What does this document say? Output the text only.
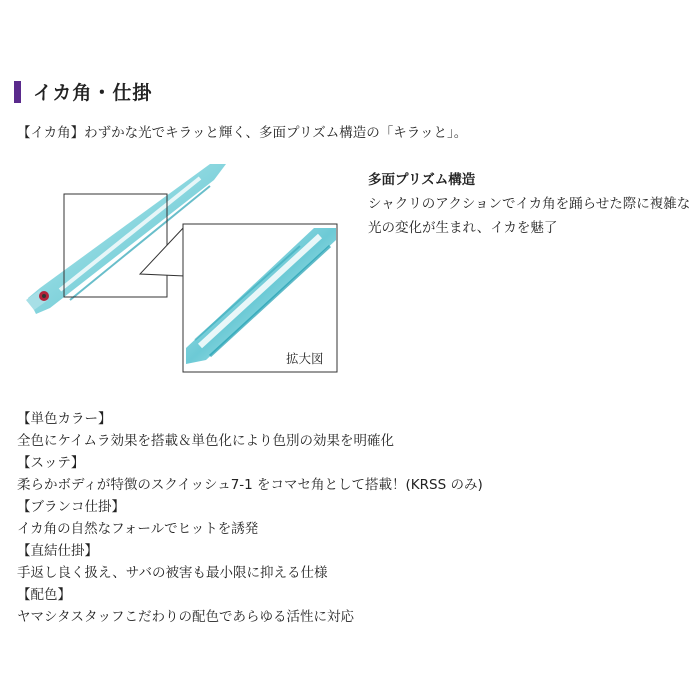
イカ角・仕掛
【イカ角】わずかな光でキラッと輝く、多面プリズム構造の「キラッと」。
拡大図
多面プリズム構造
シャクリのアクションでイカ角を踊らせた際に複雑な
光の変化が生まれ、イカを魅了
【単色カラー】
全色にケイムラ効果を搭載＆単色化により色別の効果を明確化
【スッテ】
柔らかボディが特徴のスクイッシュ7-1 をコマセ角として搭載！(KRSS のみ)
【ブランコ仕掛】
イカ角の自然なフォールでヒットを誘発
【直結仕掛】
手返し良く扱え、サバの被害も最小限に抑える仕様
【配色】
ヤマシタスタッフこだわりの配色であらゆる活性に対応
